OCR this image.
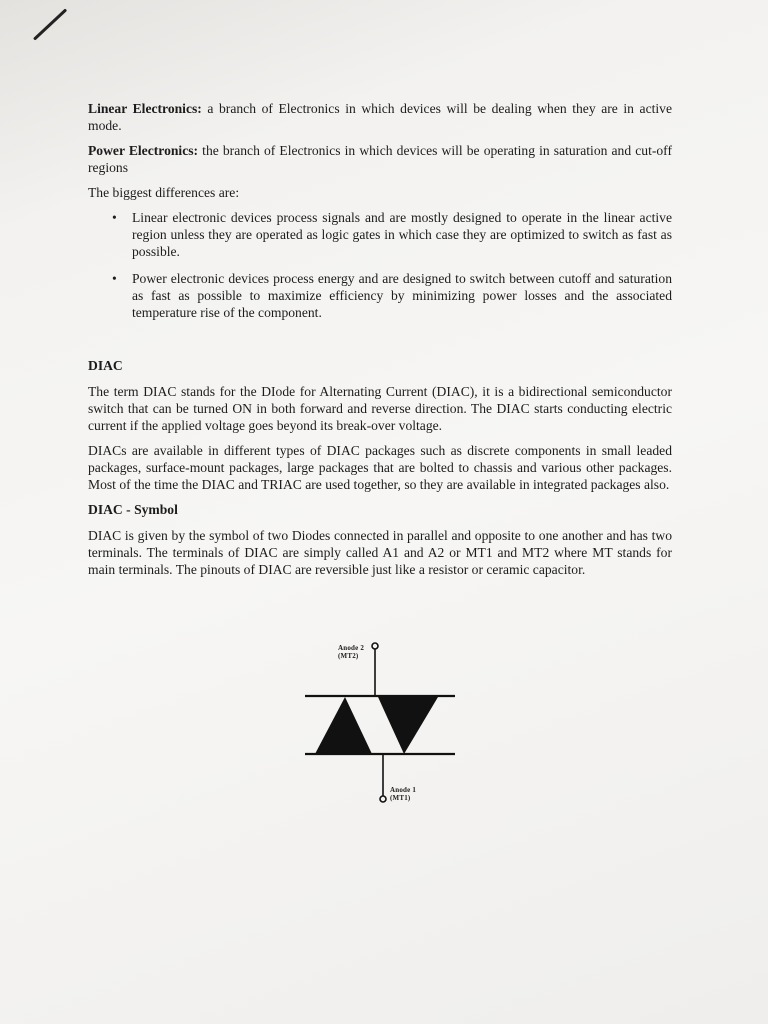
Linear Electronics: a branch of Electronics in which devices will be dealing when they are in active mode.

Power Electronics: the branch of Electronics in which devices will be operating in saturation and cut-off regions

The biggest differences are:

• Linear electronic devices process signals and are mostly designed to operate in the linear active region unless they are operated as logic gates in which case they are optimized to switch as fast as possible.
• Power electronic devices process energy and are designed to switch between cutoff and saturation as fast as possible to maximize efficiency by minimizing power losses and the associated temperature rise of the component.
DIAC

The term DIAC stands for the DIode for Alternating Current (DIAC), it is a bidirectional semiconductor switch that can be turned ON in both forward and reverse direction. The DIAC starts conducting electric current if the applied voltage goes beyond its break-over voltage.

DIACs are available in different types of DIAC packages such as discrete components in small leaded packages, surface-mount packages, large packages that are bolted to chassis and various other packages. Most of the time the DIAC and TRIAC are used together, so they are available in integrated packages also.

DIAC - Symbol

DIAC is given by the symbol of two Diodes connected in parallel and opposite to one another and has two terminals. The terminals of DIAC are simply called A1 and A2 or MT1 and MT2 where MT stands for main terminals. The pinouts of DIAC are reversible just like a resistor or ceramic capacitor.

Anode 2
(MT2)
Anode 1
(MT1)
